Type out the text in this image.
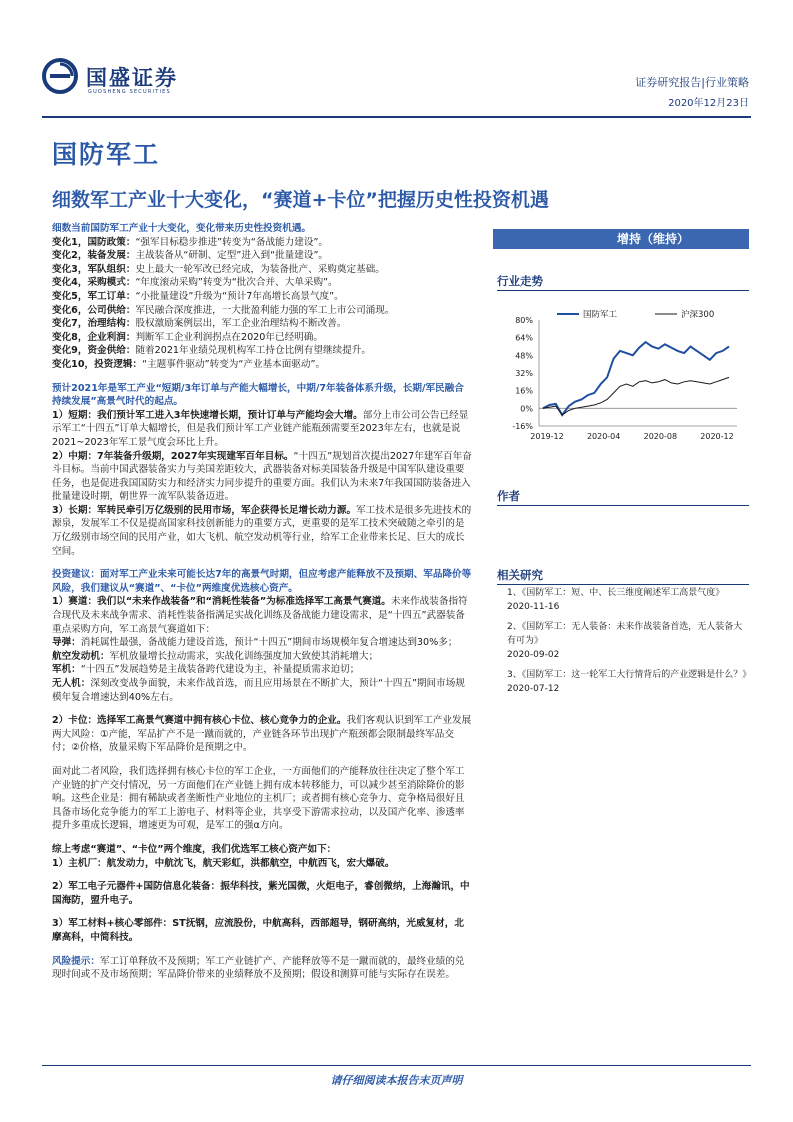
国盛证券
GUOSHENG SECURITIES
证券研究报告|行业策略
2020年12月23日
国防军工
细数军工产业十大变化，“赛道+卡位”把握历史性投资机遇

细数当前国防军工产业十大变化，变化带来历史性投资机遇。

变化1，国防政策： “强军目标稳步推进”转变为“备战能力建设”。
变化2，装备发展： 主战装备从“研制、定型”进入到“批量建设”。
变化3，军队组织： 史上最大一轮军改已经完成，为装备批产、采购奠定基础。
变化4，采购模式： “年度滚动采购”转变为“批次合并、大单采购”。
变化5，军工订单： “小批量建设”升级为“预计7年高增长高景气度”。
变化6，公司供给： 军民融合深度推进，一大批盈利能力强的军工上市公司涌现。
变化7，治理结构： 股权激励案例层出，军工企业治理结构不断改善。
变化8，企业利润： 判断军工企业利润拐点在2020年已经明确。
变化9，资金供给： 随着2021年业绩兑现机构军工持仓比例有望继续提升。
变化10，投资逻辑： “主题事件驱动”转变为“产业基本面驱动”。

预计2021年是军工产业“短期/3年订单与产能大幅增长，中期/7年装备体系升级，长期/军民融合持续发展”高景气时代的起点。

1）短期：我们预计军工进入3年快速增长期，预计订单与产能均会大增。部分上市公司公告已经显示军工“十四五”订单大幅增长，但是我们预计军工产业链产能瓶颈需要至2023年左右，也就是说2021~2023年军工景气度会环比上升。

2）中期：7年装备升级期，2027年实现建军百年目标。“十四五”规划首次提出2027年建军百年奋斗目标。当前中国武器装备实力与美国差距较大，武器装备对标美国装备升级是中国军队建设重要任务，也是促进我国国防实力和经济实力同步提升的重要方面。我们认为未来7年我国国防装备进入批量建设时期，朝世界一流军队装备迈进。

3）长期：军转民牵引万亿级别的民用市场，军企获得长足增长动力源。军工技术是很多先进技术的源泉，发展军工不仅是提高国家科技创新能力的重要方式，更重要的是军工技术突破随之牵引的是万亿级别市场空间的民用产业，如大飞机、航空发动机等行业，给军工企业带来长足、巨大的成长空间。

投资建议：面对军工产业未来可能长达7年的高景气时期，但应考虑产能释放不及预期、军品降价等风险，我们建议从“赛道”、“卡位”两维度优选核心资产。

1）赛道：我们以“未来作战装备”和“消耗性装备”为标准选择军工高景气赛道。未来作战装备指符合现代及未来战争需求、消耗性装备指满足实战化训练及备战能力建设需求，是“十四五”武器装备重点采购方向，军工高景气赛道如下：

导弹：消耗属性最强，备战能力建设首选，预计“十四五”期间市场规模年复合增速达到30%多；

航空发动机：军机放量增长拉动需求，实战化训练强度加大致使其消耗增大；

军机：“十四五”发展趋势是主战装备跨代建设为主，补量提质需求迫切；

无人机：深刻改变战争面貌，未来作战首选，而且应用场景在不断扩大，预计“十四五”期间市场规模年复合增速达到40%左右。

2）卡位：选择军工高景气赛道中拥有核心卡位、核心竞争力的企业。我们客观认识到军工产业发展两大风险：①产能，军品扩产不是一蹴而就的，产业链各环节出现扩产瓶颈都会限制最终军品交付；②价格，放量采购下军品降价是预期之中。

面对此二者风险，我们选择拥有核心卡位的军工企业，一方面他们的产能释放往往决定了整个军工产业链的扩产交付情况，另一方面他们在产业链上拥有成本转移能力，可以减少甚至消除降价的影响。这些企业是：拥有稀缺或者垄断性产业地位的主机厂；或者拥有核心竞争力、竞争格局很好且具备市场化竞争能力的军工上游电子、材料等企业，共享受下游需求拉动，以及国产化率、渗透率提升多重成长逻辑，增速更为可观，是军工的强α方向。

综上考虑“赛道”、“卡位”两个维度，我们优选军工核心资产如下：

1）主机厂：航发动力，中航沈飞，航天彩虹，洪都航空，中航西飞，宏大爆破。

2）军工电子元器件+国防信息化装备：振华科技，紫光国微，火炬电子，睿创微纳，上海瀚讯，中国海防，盟升电子。

3）军工材料+核心零部件：ST抚钢，应流股份，中航高科，西部超导，钢研高纳，光威复材，北摩高科，中简科技。

风险提示：军工订单释放不及预期；军工产业链扩产、产能释放等不是一蹴而就的，最终业绩的兑现时间或不及市场预期；军品降价带来的业绩释放不及预期；假设和测算可能与实际存在误差。

增持（维持）
行业走势
80%
64%
48%
32%
16%
0%
-16%
2019-12	2020-04	2020-08	2020-12
国防军工	沪深300
作者
相关研究
1、《国防军工：短、中、长三维度阐述军工高景气度》
2020-11-16
2、《国防军工：无人装备：未来作战装备首选，无人装备大有可为》
2020-09-02
3、《国防军工：这一轮军工大行情背后的产业逻辑是什么？》
2020-07-12
请仔细阅读本报告末页声明
